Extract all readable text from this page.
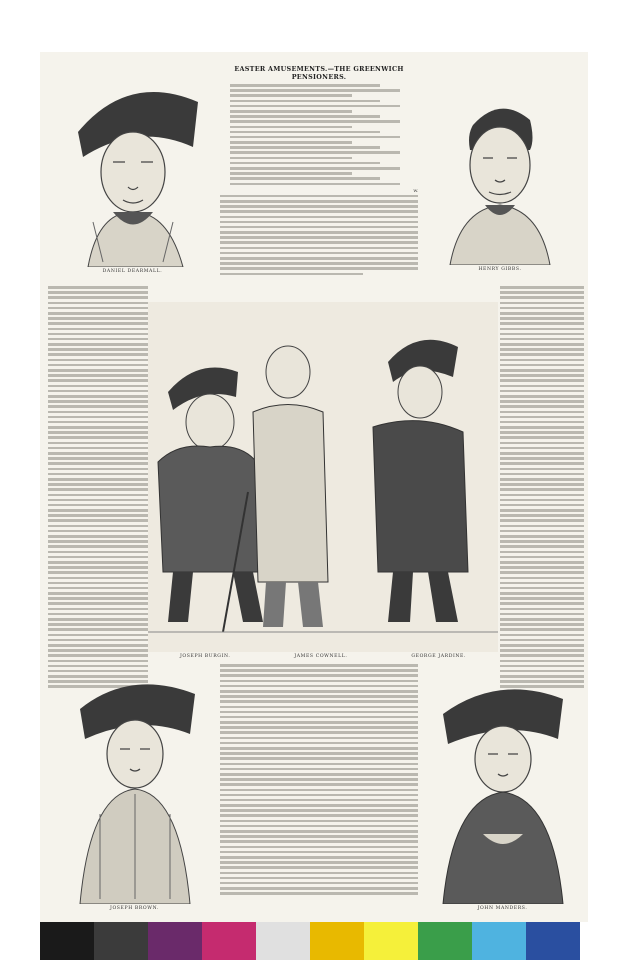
DANIEL DEARMALL.	HENRY GIBBS.
EASTER AMUSEMENTS.—THE GREENWICH PENSIONERS.
W.
JOSEPH BURGIN.	JAMES COWNELL.	GEORGE JARDINE.
JOSEPH BROWN.	JOHN MANDERS.
